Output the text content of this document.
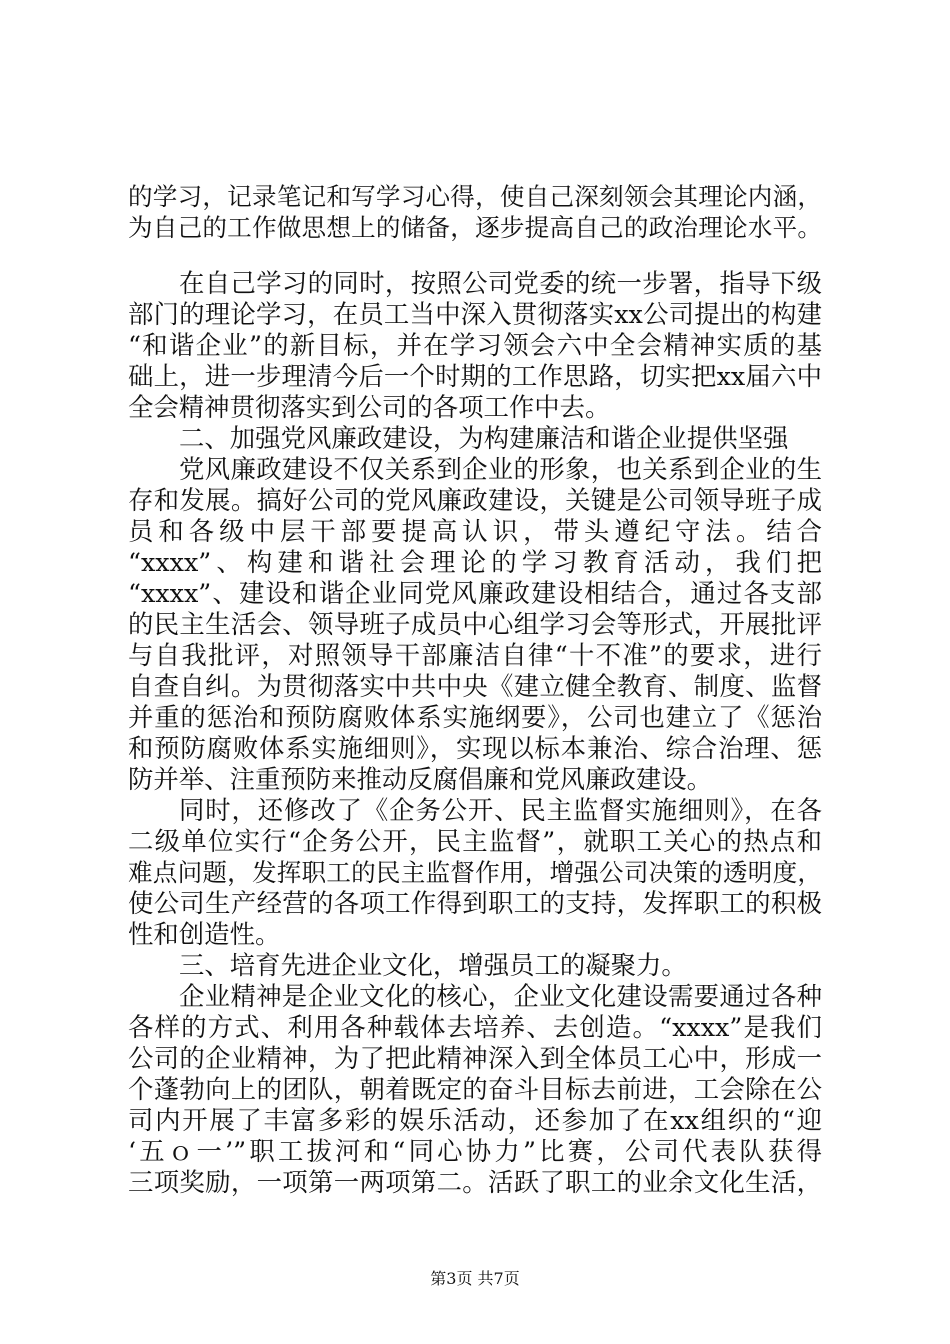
的学习，记录笔记和写学习心得，使自己深刻领会其理论内涵，
为自己的工作做思想上的储备，逐步提高自己的政治理论水平。
在自己学习的同时，按照公司党委的统一步署，指导下级
部门的理论学习，在员工当中深入贯彻落实xx公司提出的构建
“和谐企业”的新目标，并在学习领会六中全会精神实质的基
础上，进一步理清今后一个时期的工作思路，切实把xx届六中
全会精神贯彻落实到公司的各项工作中去。
二、加强党风廉政建设，为构建廉洁和谐企业提供坚强
党风廉政建设不仅关系到企业的形象，也关系到企业的生
存和发展。搞好公司的党风廉政建设，关键是公司领导班子成
员和各级中层干部要提高认识，带头遵纪守法。结合
“xxxx”、构建和谐社会理论的学习教育活动，我们把
“xxxx”、建设和谐企业同党风廉政建设相结合，通过各支部
的民主生活会、领导班子成员中心组学习会等形式，开展批评
与自我批评，对照领导干部廉洁自律“十不准”的要求，进行
自查自纠。为贯彻落实中共中央《建立健全教育、制度、监督
并重的惩治和预防腐败体系实施纲要》，公司也建立了《惩治
和预防腐败体系实施细则》，实现以标本兼治、综合治理、惩
防并举、注重预防来推动反腐倡廉和党风廉政建设。
同时，还修改了《企务公开、民主监督实施细则》，在各
二级单位实行“企务公开，民主监督”，就职工关心的热点和
难点问题，发挥职工的民主监督作用，增强公司决策的透明度，
使公司生产经营的各项工作得到职工的支持，发挥职工的积极
性和创造性。
三、培育先进企业文化，增强员工的凝聚力。
企业精神是企业文化的核心，企业文化建设需要通过各种
各样的方式、利用各种载体去培养、去创造。“xxxx”是我们
公司的企业精神，为了把此精神深入到全体员工心中，形成一
个蓬勃向上的团队，朝着既定的奋斗目标去前进，工会除在公
司内开展了丰富多彩的娱乐活动，还参加了在xx组织的“迎
‘五ｏ一’”职工拔河和“同心协力”比赛，公司代表队获得
三项奖励，一项第一两项第二。活跃了职工的业余文化生活，
第3页 共7页
